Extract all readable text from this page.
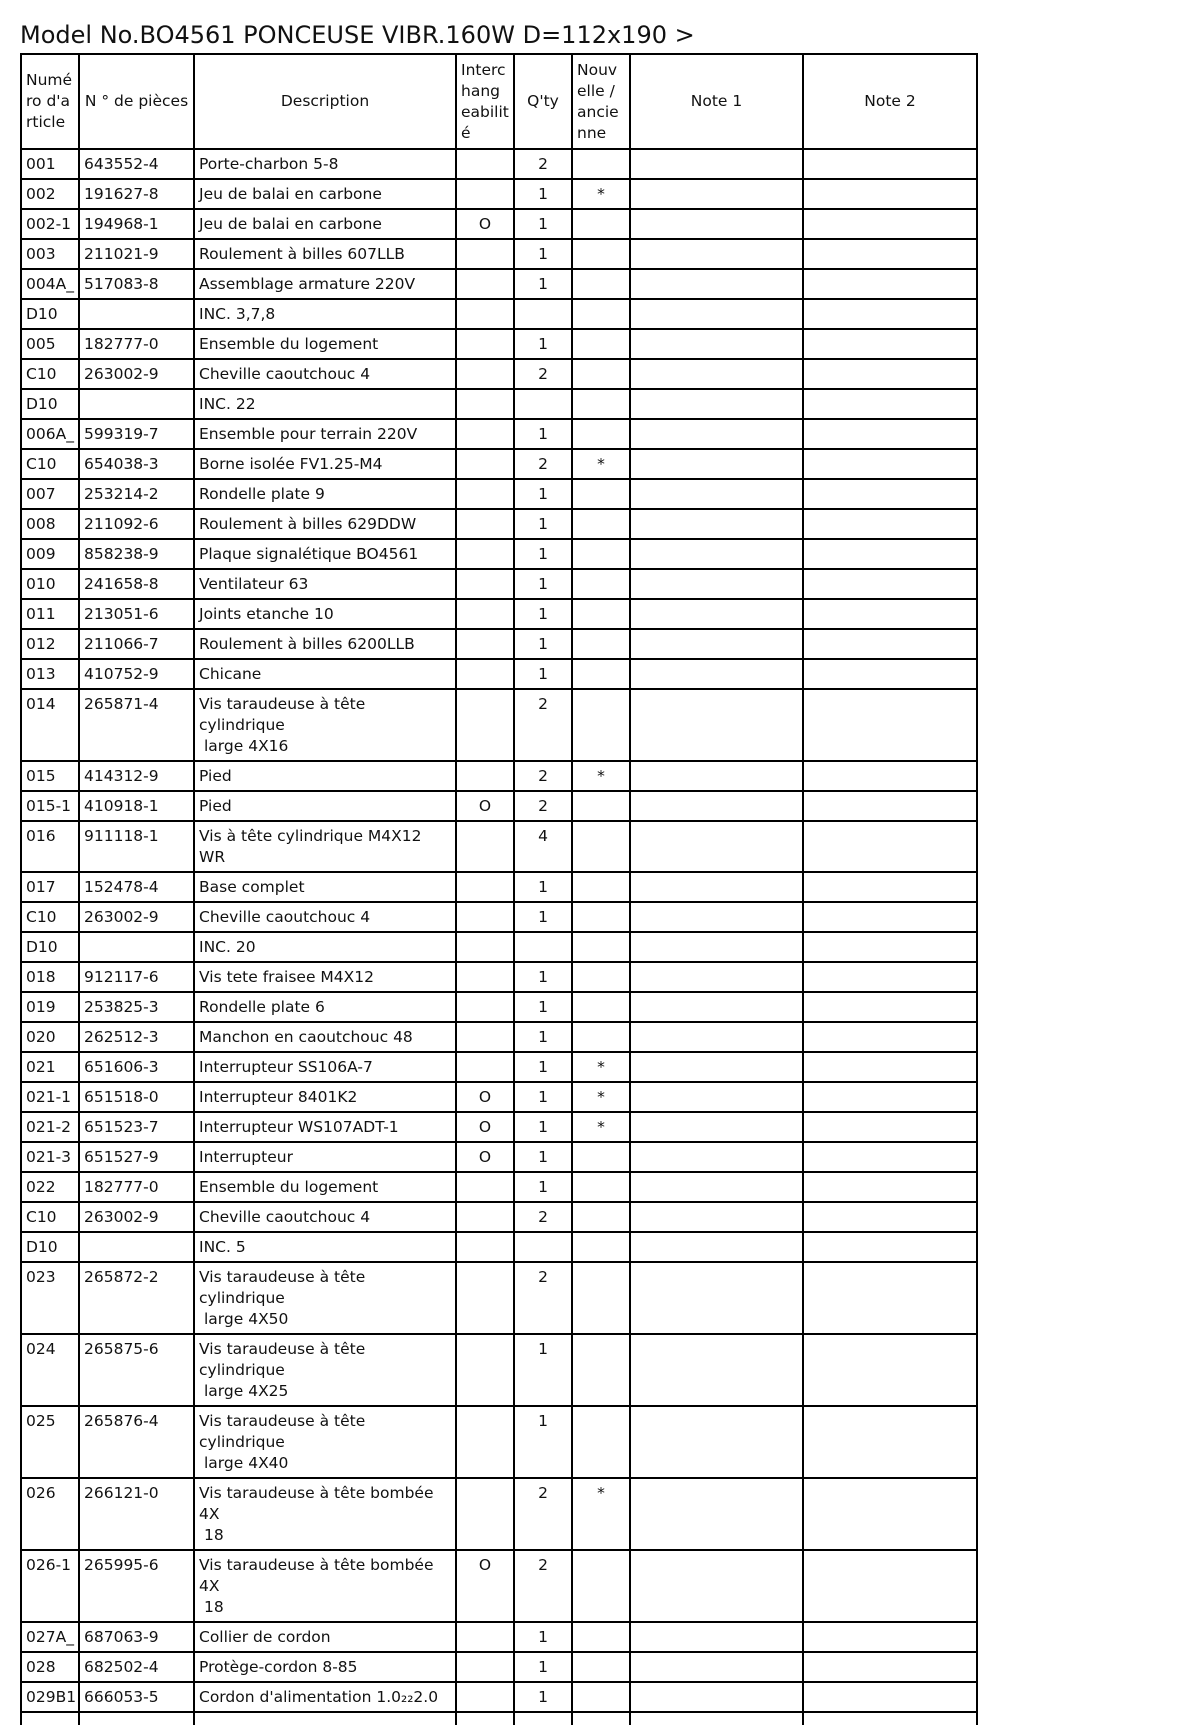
Model No.BO4561 PONCEUSE VIBR.160W D=112x190 >
Numé ro d'a rticle	N ° de pièces	Description	Interc hang eabilit é	Q'ty	Nouv elle / ancie nne	Note 1	Note 2
001	643552-4	Porte-charbon 5-8		2			
002	191627-8	Jeu de balai en carbone		1	*		
002-1	194968-1	Jeu de balai en carbone	O	1			
003	211021-9	Roulement à billes 607LLB		1			
004A_	517083-8	Assemblage armature 220V		1			
D10		INC. 3,7,8					
005	182777-0	Ensemble du logement		1			
C10	263002-9	Cheville caoutchouc 4		2			
D10		INC. 22					
006A_	599319-7	Ensemble pour terrain 220V		1			
C10	654038-3	Borne isolée FV1.25-M4		2	*		
007	253214-2	Rondelle plate 9		1			
008	211092-6	Roulement à billes 629DDW		1			
009	858238-9	Plaque signalétique BO4561		1			
010	241658-8	Ventilateur 63		1			
011	213051-6	Joints etanche 10		1			
012	211066-7	Roulement à billes 6200LLB		1			
013	410752-9	Chicane		1			
014	265871-4	Vis taraudeuse à tête cylindrique
large 4X16		2			
015	414312-9	Pied		2	*		
015-1	410918-1	Pied	O	2			
016	911118-1	Vis à tête cylindrique M4X12 WR		4			
017	152478-4	Base complet		1			
C10	263002-9	Cheville caoutchouc 4		1			
D10		INC. 20					
018	912117-6	Vis tete fraisee M4X12		1			
019	253825-3	Rondelle plate 6		1			
020	262512-3	Manchon en caoutchouc 48		1			
021	651606-3	Interrupteur SS106A-7		1	*		
021-1	651518-0	Interrupteur 8401K2	O	1	*		
021-2	651523-7	Interrupteur WS107ADT-1	O	1	*		
021-3	651527-9	Interrupteur	O	1			
022	182777-0	Ensemble du logement		1			
C10	263002-9	Cheville caoutchouc 4		2			
D10		INC. 5					
023	265872-2	Vis taraudeuse à tête cylindrique
large 4X50		2			
024	265875-6	Vis taraudeuse à tête cylindrique
large 4X25		1			
025	265876-4	Vis taraudeuse à tête cylindrique
large 4X40		1			
026	266121-0	Vis taraudeuse à tête bombée 4X
18		2	*		
026-1	265995-6	Vis taraudeuse à tête bombée 4X
18	O	2			
027A_	687063-9	Collier de cordon		1			
028	682502-4	Protège-cordon 8-85		1			
029B1	666053-5	Cordon d'alimentation 1.0₂₂2.0		1			
